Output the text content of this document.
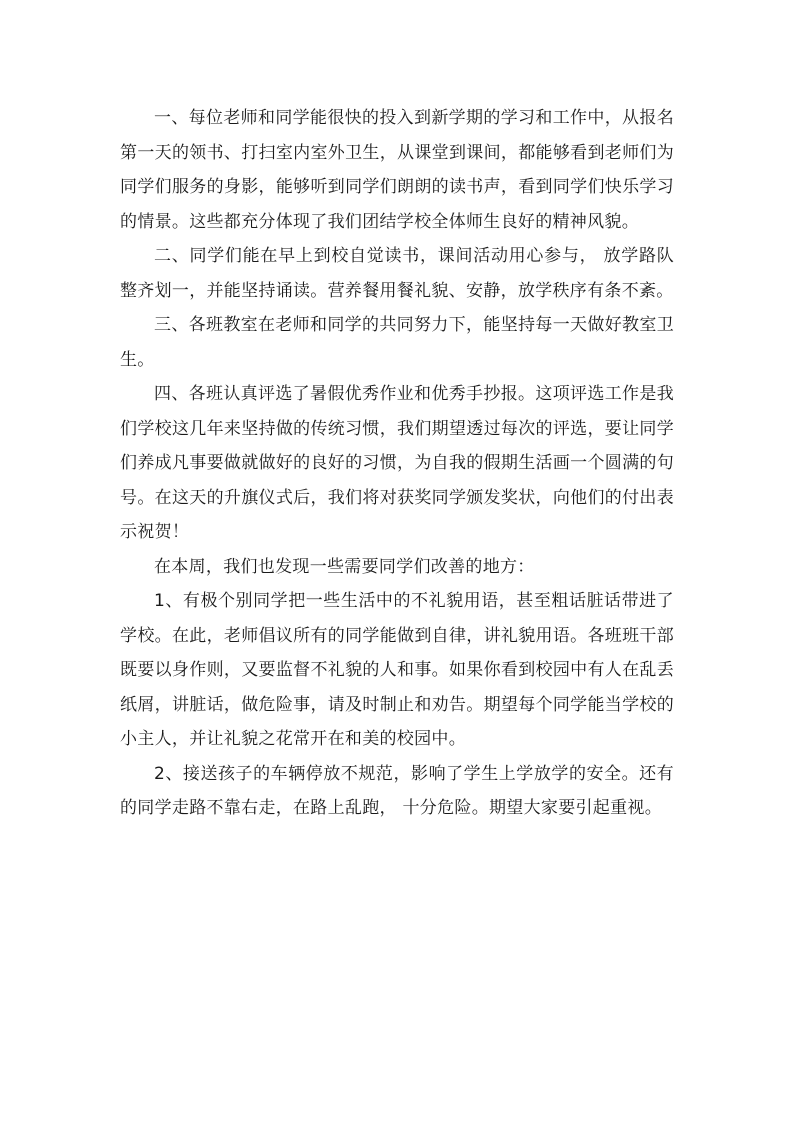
一、每位老师和同学能很快的投入到新学期的学习和工作中，从报名第一天的领书、打扫室内室外卫生，从课堂到课间，都能够看到老师们为同学们服务的身影，能够听到同学们朗朗的读书声，看到同学们快乐学习的情景。这些都充分体现了我们团结学校全体师生良好的精神风貌。

二、同学们能在早上到校自觉读书，课间活动用心参与， 放学路队整齐划一，并能坚持诵读。营养餐用餐礼貌、安静，放学秩序有条不紊。

三、各班教室在老师和同学的共同努力下，能坚持每一天做好教室卫生。

四、各班认真评选了暑假优秀作业和优秀手抄报。这项评选工作是我们学校这几年来坚持做的传统习惯，我们期望透过每次的评选，要让同学们养成凡事要做就做好的良好的习惯，为自我的假期生活画一个圆满的句号。在这天的升旗仪式后，我们将对获奖同学颁发奖状，向他们的付出表示祝贺！

在本周，我们也发现一些需要同学们改善的地方：

1、有极个别同学把一些生活中的不礼貌用语，甚至粗话脏话带进了学校。在此，老师倡议所有的同学能做到自律，讲礼貌用语。各班班干部既要以身作则，又要监督不礼貌的人和事。如果你看到校园中有人在乱丢纸屑，讲脏话，做危险事，请及时制止和劝告。期望每个同学能当学校的小主人，并让礼貌之花常开在和美的校园中。

2、接送孩子的车辆停放不规范，影响了学生上学放学的安全。还有的同学走路不靠右走，在路上乱跑， 十分危险。期望大家要引起重视。
